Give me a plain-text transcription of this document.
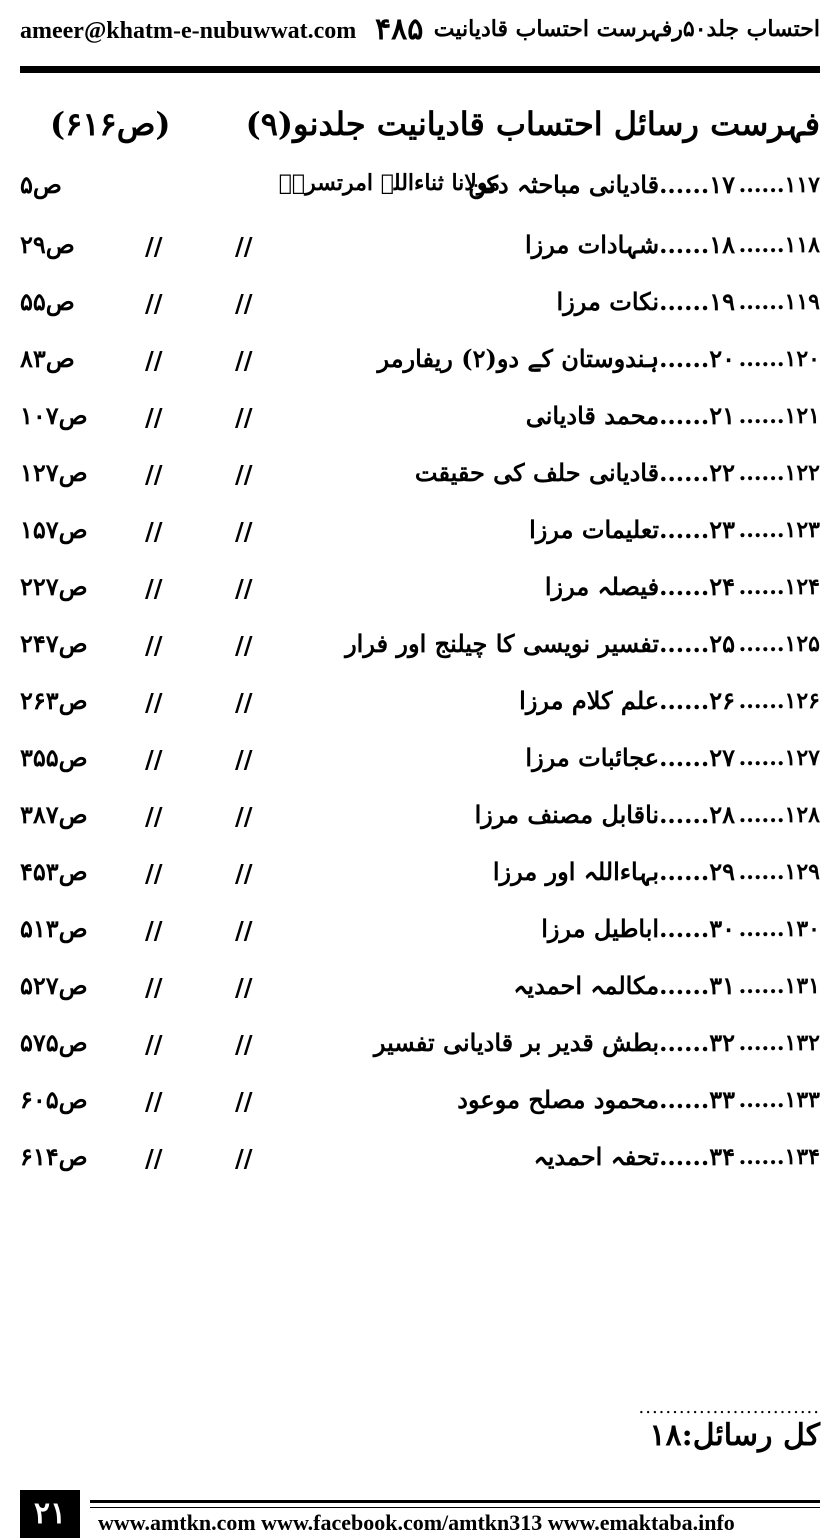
ameer@khatm-e-nubuwwat.com ۴۸۵ احتساب جلد۵۰رفہرست احتساب قادیانیت
فہرست رسائل احتساب قادیانیت جلدنو(۹)
(ص۶۱۶)
۱۱۷......
۱۷......قادیانی مباحثہ دکن
مولانا ثناءاللہ امرتسریؒ
ص۵
۱۱۸......
۱۸......شہادات مرزا
//
//
ص۲۹
۱۱۹......
۱۹......نکات مرزا
//
//
ص۵۵
۱۲۰......
۲۰......ہندوستان کے دو(۲) ریفارمر
//
//
ص۸۳
۱۲۱......
۲۱......محمد قادیانی
//
//
ص۱۰۷
۱۲۲......
۲۲......قادیانی حلف کی حقیقت
//
//
ص۱۲۷
۱۲۳......
۲۳......تعلیمات مرزا
//
//
ص۱۵۷
۱۲۴......
۲۴......فیصلہ مرزا
//
//
ص۲۲۷
۱۲۵......
۲۵......تفسیر نویسی کا چیلنج اور فرار
//
//
ص۲۴۷
۱۲۶......
۲۶......علم کلام مرزا
//
//
ص۲۶۳
۱۲۷......
۲۷......عجائبات مرزا
//
//
ص۳۵۵
۱۲۸......
۲۸......ناقابل مصنف مرزا
//
//
ص۳۸۷
۱۲۹......
۲۹......بہاءاللہ اور مرزا
//
//
ص۴۵۳
۱۳۰......
۳۰......اباطیل مرزا
//
//
ص۵۱۳
۱۳۱......
۳۱......مکالمہ احمدیہ
//
//
ص۵۲۷
۱۳۲......
۳۲......بطش قدیر بر قادیانی تفسیر
//
//
ص۵۷۵
۱۳۳......
۳۳......محمود مصلح موعود
//
//
ص۶۰۵
۱۳۴......
۳۴......تحفہ احمدیہ
//
//
ص۶۱۴
...........................
کل رسائل:۱۸
۲۱	www.amtkn.com www.facebook.com/amtkn313 www.emaktaba.info
